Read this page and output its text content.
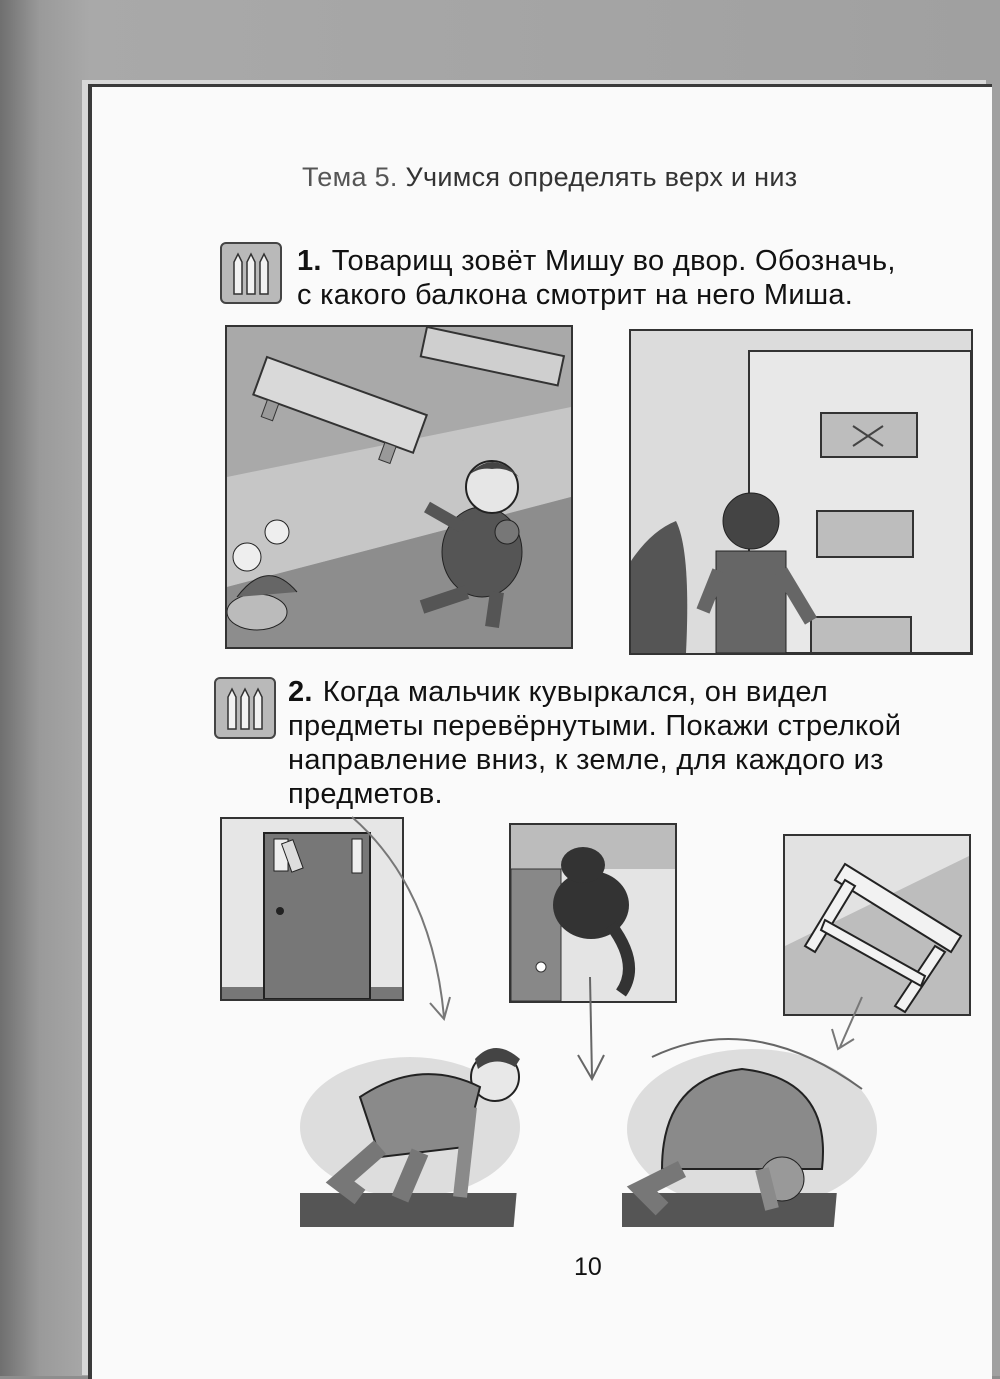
Тема 5. Учимся определять верх и низ
1. Товарищ зовёт Мишу во двор. Обозначь,
с какого балкона смотрит на него Миша.
2. Когда мальчик кувыркался, он видел
предметы перевёрнутыми. Покажи стрелкой
направление вниз, к земле, для каждого из
предметов.
10
